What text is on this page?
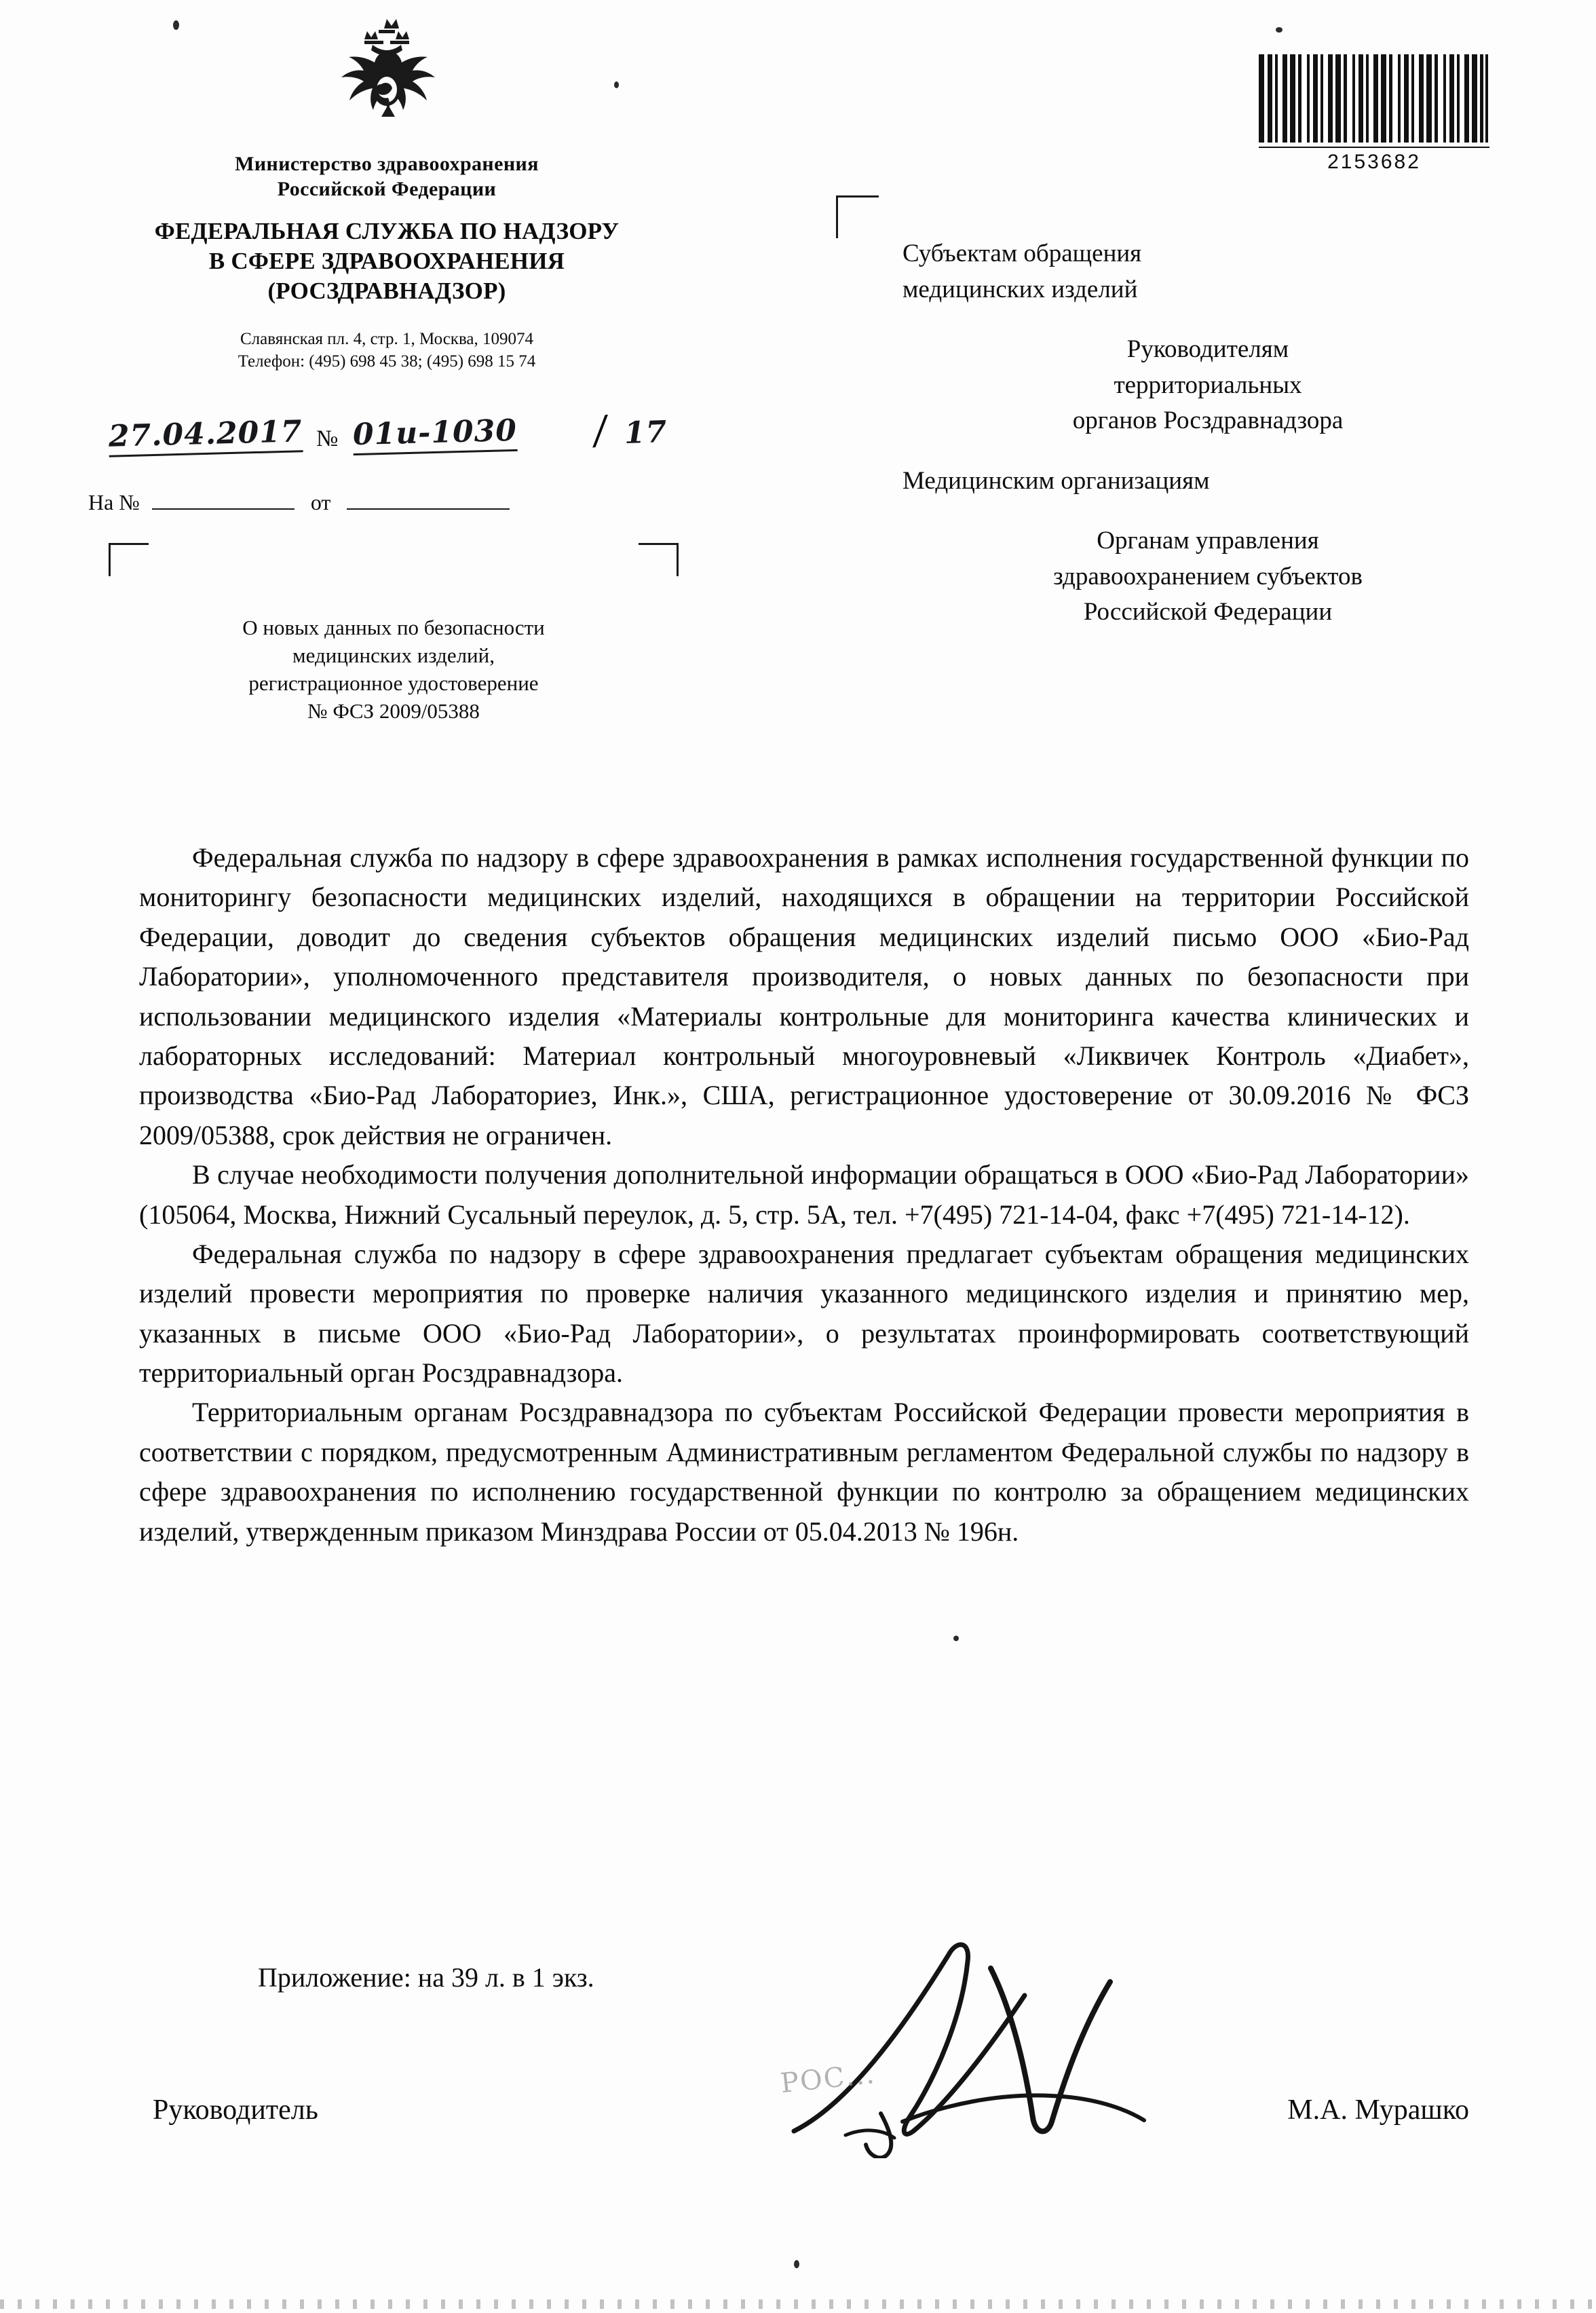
Министерство здравоохранения
Российской Федерации
ФЕДЕРАЛЬНАЯ СЛУЖБА ПО НАДЗОРУ
В СФЕРЕ ЗДРАВООХРАНЕНИЯ
(РОСЗДРАВНАДЗОР)
Славянская пл. 4, стр. 1, Москва, 109074
Телефон: (495) 698 45 38; (495) 698 15 74
27.04.2017 № 01и-1030 / 17
На №	от
О новых данных по безопасности
медицинских изделий,
регистрационное удостоверение
№ ФСЗ 2009/05388
2153682

Субъектам обращения
медицинских изделий

Руководителям
территориальных
органов Росздравнадзора

Медицинским организациям

Органам управления
здравоохранением субъектов
Российской Федерации

Федеральная служба по надзору в сфере здравоохранения в рамках исполнения государственной функции по мониторингу безопасности медицинских изделий, находящихся в обращении на территории Российской Федерации, доводит до сведения субъектов обращения медицинских изделий письмо ООО «Био-Рад Лаборатории», уполномоченного представителя производителя, о новых данных по безопасности при использовании медицинского изделия «Материалы контрольные для мониторинга качества клинических и лабораторных исследований: Материал контрольный многоуровневый «Ликвичек Контроль «Диабет», производства «Био-Рад Лабораториез, Инк.», США, регистрационное удостоверение от 30.09.2016 № ФСЗ 2009/05388, срок действия не ограничен.

В случае необходимости получения дополнительной информации обращаться в ООО «Био-Рад Лаборатории» (105064, Москва, Нижний Сусальный переулок, д. 5, стр. 5А, тел. +7(495) 721-14-04, факс +7(495) 721-14-12).

Федеральная служба по надзору в сфере здравоохранения предлагает субъектам обращения медицинских изделий провести мероприятия по проверке наличия указанного медицинского изделия и принятию мер, указанных в письме ООО «Био-Рад Лаборатории», о результатах проинформировать соответствующий территориальный орган Росздравнадзора.

Территориальным органам Росздравнадзора по субъектам Российской Федерации провести мероприятия в соответствии с порядком, предусмотренным Административным регламентом Федеральной службы по надзору в сфере здравоохранения по исполнению государственной функции по контролю за обращением медицинских изделий, утвержденным приказом Минздрава России от 05.04.2013 № 196н.

Приложение: на 39 л. в 1 экз.
РОС...
Руководитель	М.А. Мурашко
